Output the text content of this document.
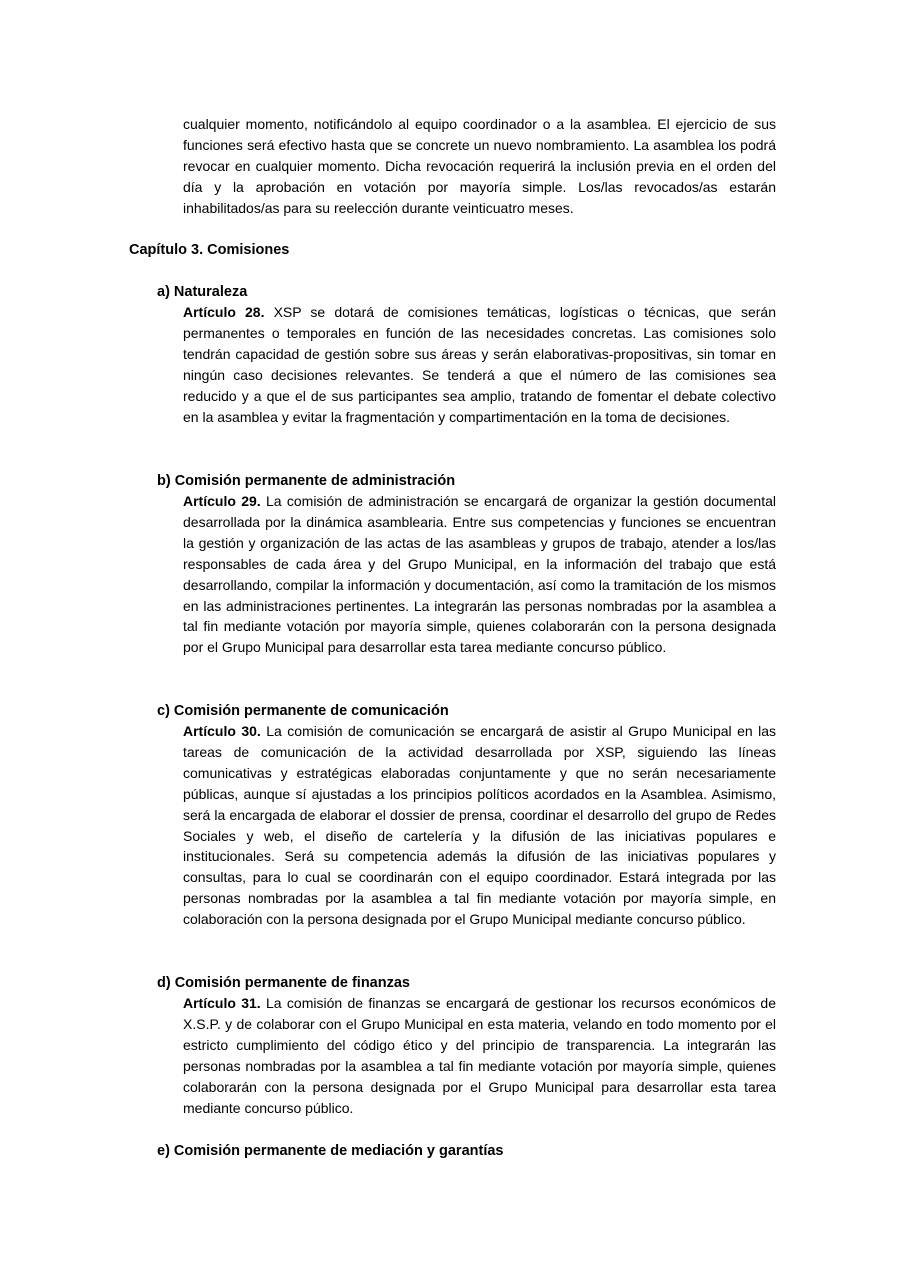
cualquier momento, notificándolo al equipo coordinador o a la asamblea. El ejercicio de sus funciones será efectivo hasta que se concrete un nuevo nombramiento. La asamblea los podrá revocar en cualquier momento. Dicha revocación requerirá la inclusión previa en el orden del día y la aprobación en votación por mayoría simple. Los/las revocados/as estarán inhabilitados/as para su reelección durante veinticuatro meses.

Capítulo 3. Comisiones
a) Naturaleza

Artículo 28. XSP se dotará de comisiones temáticas, logísticas o técnicas, que serán permanentes o temporales en función de las necesidades concretas. Las comisiones solo tendrán capacidad de gestión sobre sus áreas y serán elaborativas-propositivas, sin tomar en ningún caso decisiones relevantes. Se tenderá a que el número de las comisiones sea reducido y a que el de sus participantes sea amplio, tratando de fomentar el debate colectivo en la asamblea y evitar la fragmentación y compartimentación en la toma de decisiones.

b) Comisión permanente de administración

Artículo 29. La comisión de administración se encargará de organizar la gestión documental desarrollada por la dinámica asamblearia. Entre sus competencias y funciones se encuentran la gestión y organización de las actas de las asambleas y grupos de trabajo, atender a los/las responsables de cada área y del Grupo Municipal, en la información del trabajo que está desarrollando, compilar la información y documentación, así como la tramitación de los mismos en las administraciones pertinentes. La integrarán las personas nombradas por la asamblea a tal fin mediante votación por mayoría simple, quienes colaborarán con la persona designada por el Grupo Municipal para desarrollar esta tarea mediante concurso público.

c) Comisión permanente de comunicación

Artículo 30. La comisión de comunicación se encargará de asistir al Grupo Municipal en las tareas de comunicación de la actividad desarrollada por XSP, siguiendo las líneas comunicativas y estratégicas elaboradas conjuntamente y que no serán necesariamente públicas, aunque sí ajustadas a los principios políticos acordados en la Asamblea. Asimismo, será la encargada de elaborar el dossier de prensa, coordinar el desarrollo del grupo de Redes Sociales y web, el diseño de cartelería y la difusión de las iniciativas populares e institucionales. Será su competencia además la difusión de las iniciativas populares y consultas, para lo cual se coordinarán con el equipo coordinador. Estará integrada por las personas nombradas por la asamblea a tal fin mediante votación por mayoría simple, en colaboración con la persona designada por el Grupo Municipal mediante concurso público.

d) Comisión permanente de finanzas

Artículo 31. La comisión de finanzas se encargará de gestionar los recursos económicos de X.S.P. y de colaborar con el Grupo Municipal en esta materia, velando en todo momento por el estricto cumplimiento del código ético y del principio de transparencia. La integrarán las personas nombradas por la asamblea a tal fin mediante votación por mayoría simple, quienes colaborarán con la persona designada por el Grupo Municipal para desarrollar esta tarea mediante concurso público.

e) Comisión permanente de mediación y garantías
